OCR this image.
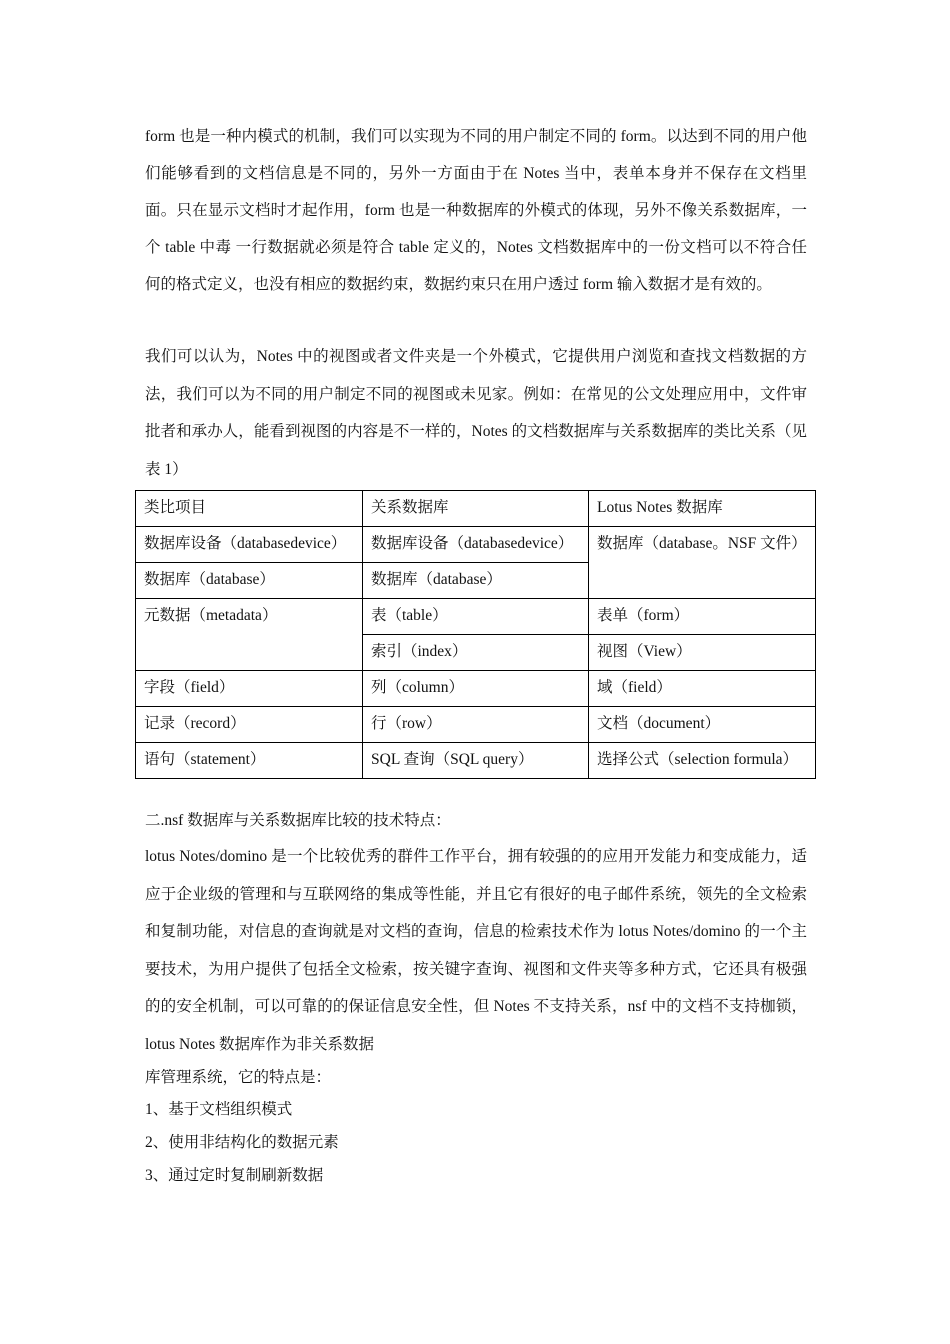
form 也是一种内模式的机制，我们可以实现为不同的用户制定不同的 form。以达到不同的用户他们能够看到的文档信息是不同的，另外一方面由于在 Notes 当中，表单本身并不保存在文档里面。只在显示文档时才起作用，form 也是一种数据库的外模式的体现，另外不像关系数据库，一个 table 中毒 一行数据就必须是符合 table 定义的，Notes 文档数据库中的一份文档可以不符合任何的格式定义，也没有相应的数据约束，数据约束只在用户透过 form 输入数据才是有效的。

我们可以认为，Notes 中的视图或者文件夹是一个外模式，它提供用户浏览和查找文档数据的方法，我们可以为不同的用户制定不同的视图或未见家。例如：在常见的公文处理应用中，文件审批者和承办人，能看到视图的内容是不一样的，Notes 的文档数据库与关系数据库的类比关系（见表 1）

类比项目	关系数据库	Lotus Notes 数据库
数据库设备（databasedevice）	数据库设备（databasedevice）	数据库（database。NSF 文件）
数据库（database）	数据库（database）	
元数据（metadata）	表（table）	表单（form）
	索引（index）	视图（View）
字段（field）	列（column）	域（field）
记录（record）	行（row）	文档（document）
语句（statement）	SQL 查询（SQL query）	选择公式（selection formula）

二.nsf 数据库与关系数据库比较的技术特点：

lotus Notes/domino 是一个比较优秀的群件工作平台，拥有较强的的应用开发能力和变成能力，适应于企业级的管理和与互联网络的集成等性能，并且它有很好的电子邮件系统，领先的全文检索和复制功能，对信息的查询就是对文档的查询，信息的检索技术作为 lotus Notes/domino 的一个主要技术，为用户提供了包括全文检索，按关键字查询、视图和文件夹等多种方式，它还具有极强的的安全机制，可以可靠的的保证信息安全性，但 Notes 不支持关系，nsf 中的文档不支持枷锁，lotus Notes 数据库作为非关系数据

库管理系统，它的特点是：

1、基于文档组织模式

2、使用非结构化的数据元素

3、通过定时复制刷新数据
